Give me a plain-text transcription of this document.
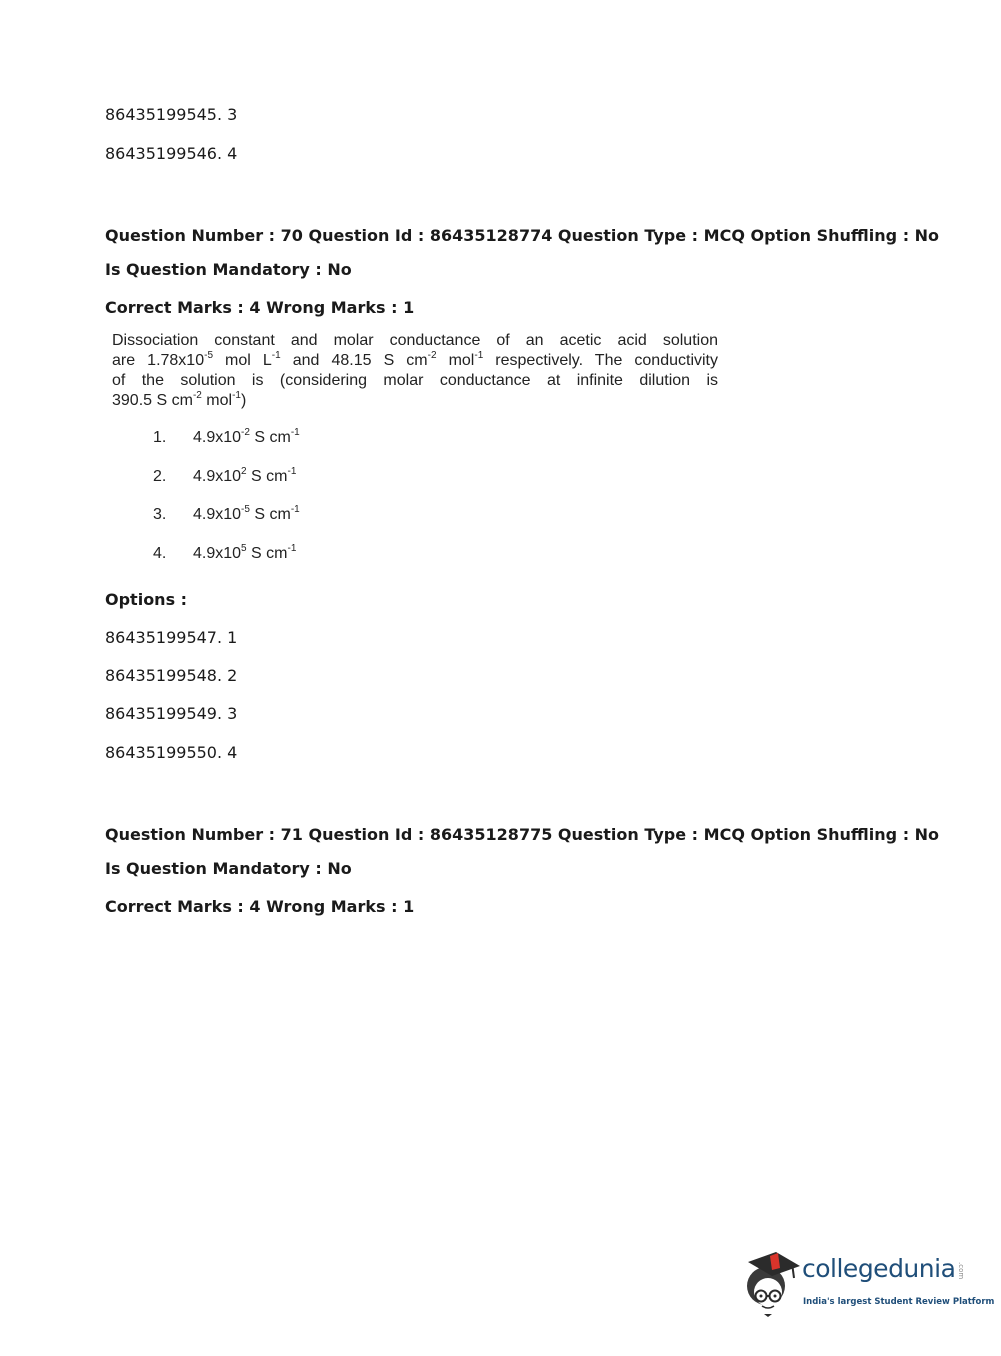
86435199545. 3
86435199546. 4
Question Number : 70 Question Id : 86435128774 Question Type : MCQ Option Shuffling : No
Is Question Mandatory : No
Correct Marks : 4 Wrong Marks : 1
Dissociation constant and molar conductance of an acetic acid solution
are $1.78x10^{-5}$ mol $L^{-1}$ and 48.15 S $cm^{-2}$ mol$^{-1}$ respectively. The conductivity
of the solution is (considering molar conductance at infinite dilution is
390.5 S $cm^{-2}$ mol$^{-1}$)
1. $4.9x10^{-2}$ S $cm^{-1}$
2. $4.9x10^2$ S $cm^{-1}$
3. $4.9x10^{-5}$ S $cm^{-1}$
4. $4.9x10^5$ S $cm^{-1}$
Options :
86435199547. 1
86435199548. 2
86435199549. 3
86435199550. 4
Question Number : 71 Question Id : 86435128775 Question Type : MCQ Option Shuffling : No
Is Question Mandatory : No
Correct Marks : 4 Wrong Marks : 1
collegedunia .com
India's largest Student Review Platform
